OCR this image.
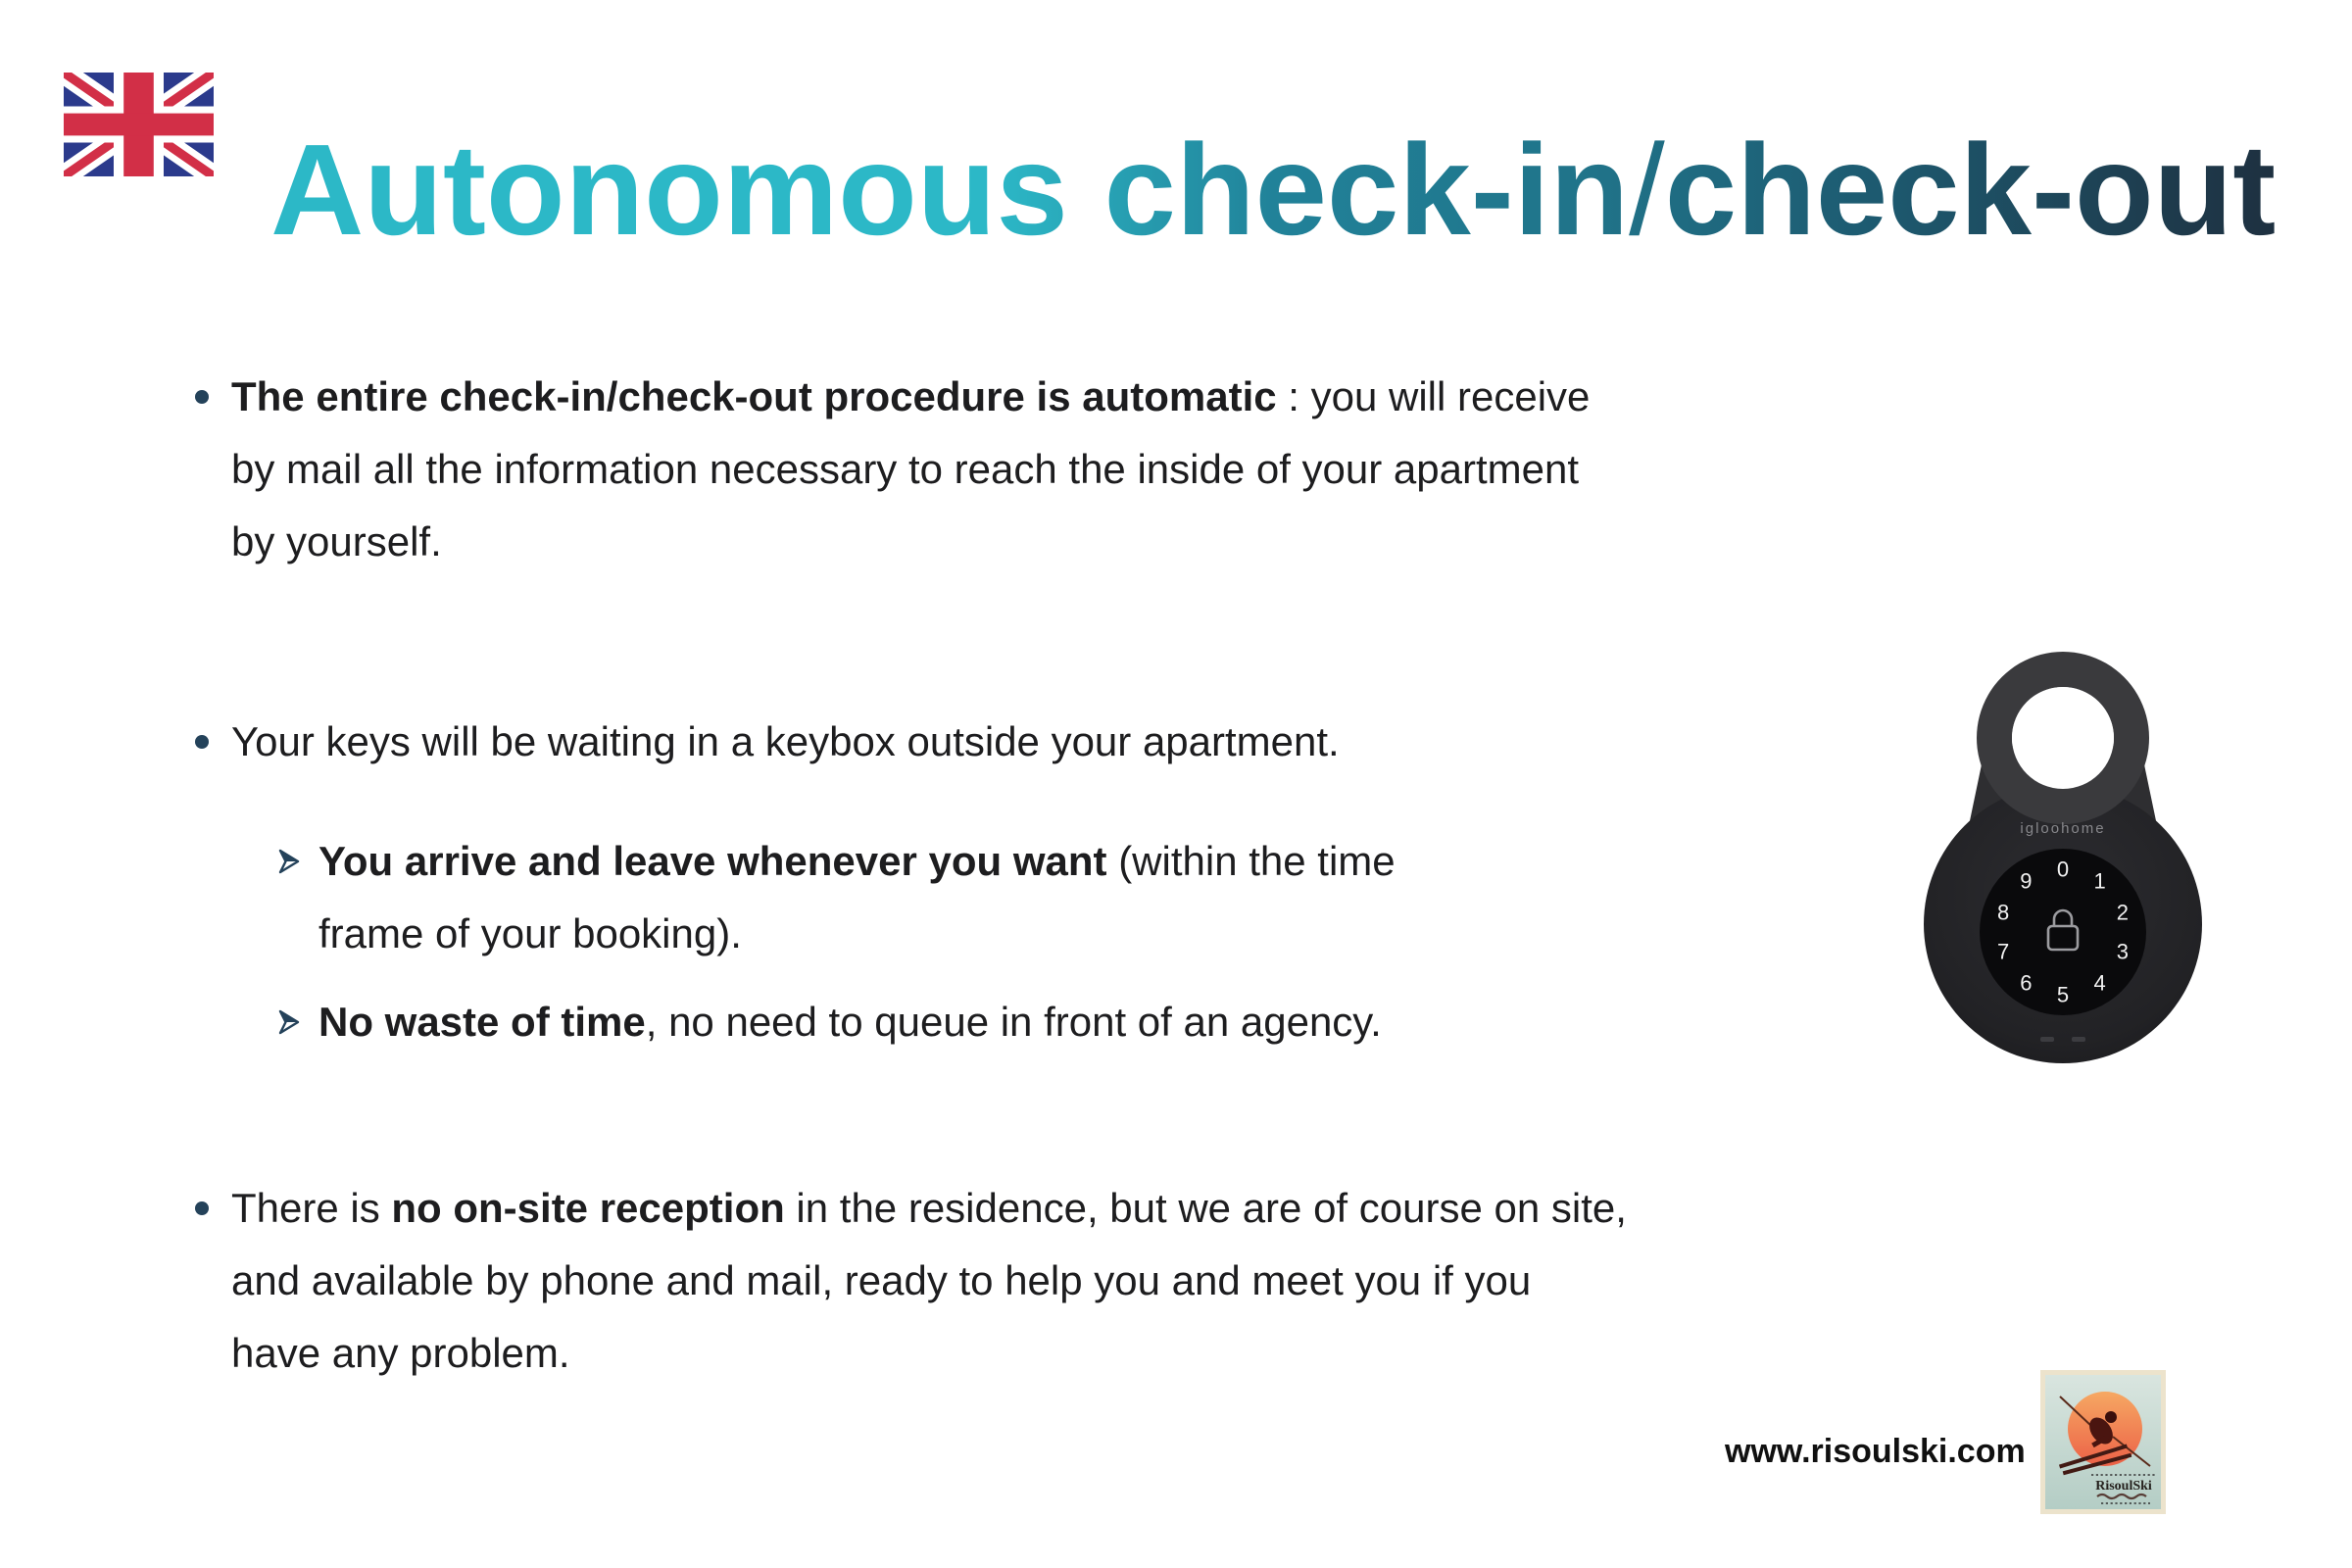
Autonomous check-in/check-out

The entire check-in/check-out procedure is automatic : you will receive
by mail all the information necessary to reach the inside of your apartment
by yourself.

Your keys will be waiting in a keybox outside your apartment.

You arrive and leave whenever you want (within the time
frame of your booking).

No waste of time, no need to queue in front of an agency.

There is no on-site reception in the residence, but we are of course on site,
and available by phone and mail, ready to help you and meet you if you
have any problem.

igloohome
0 1
2
3
4
5
6
7
8
9
www.risoulski.com
RisoulSki
